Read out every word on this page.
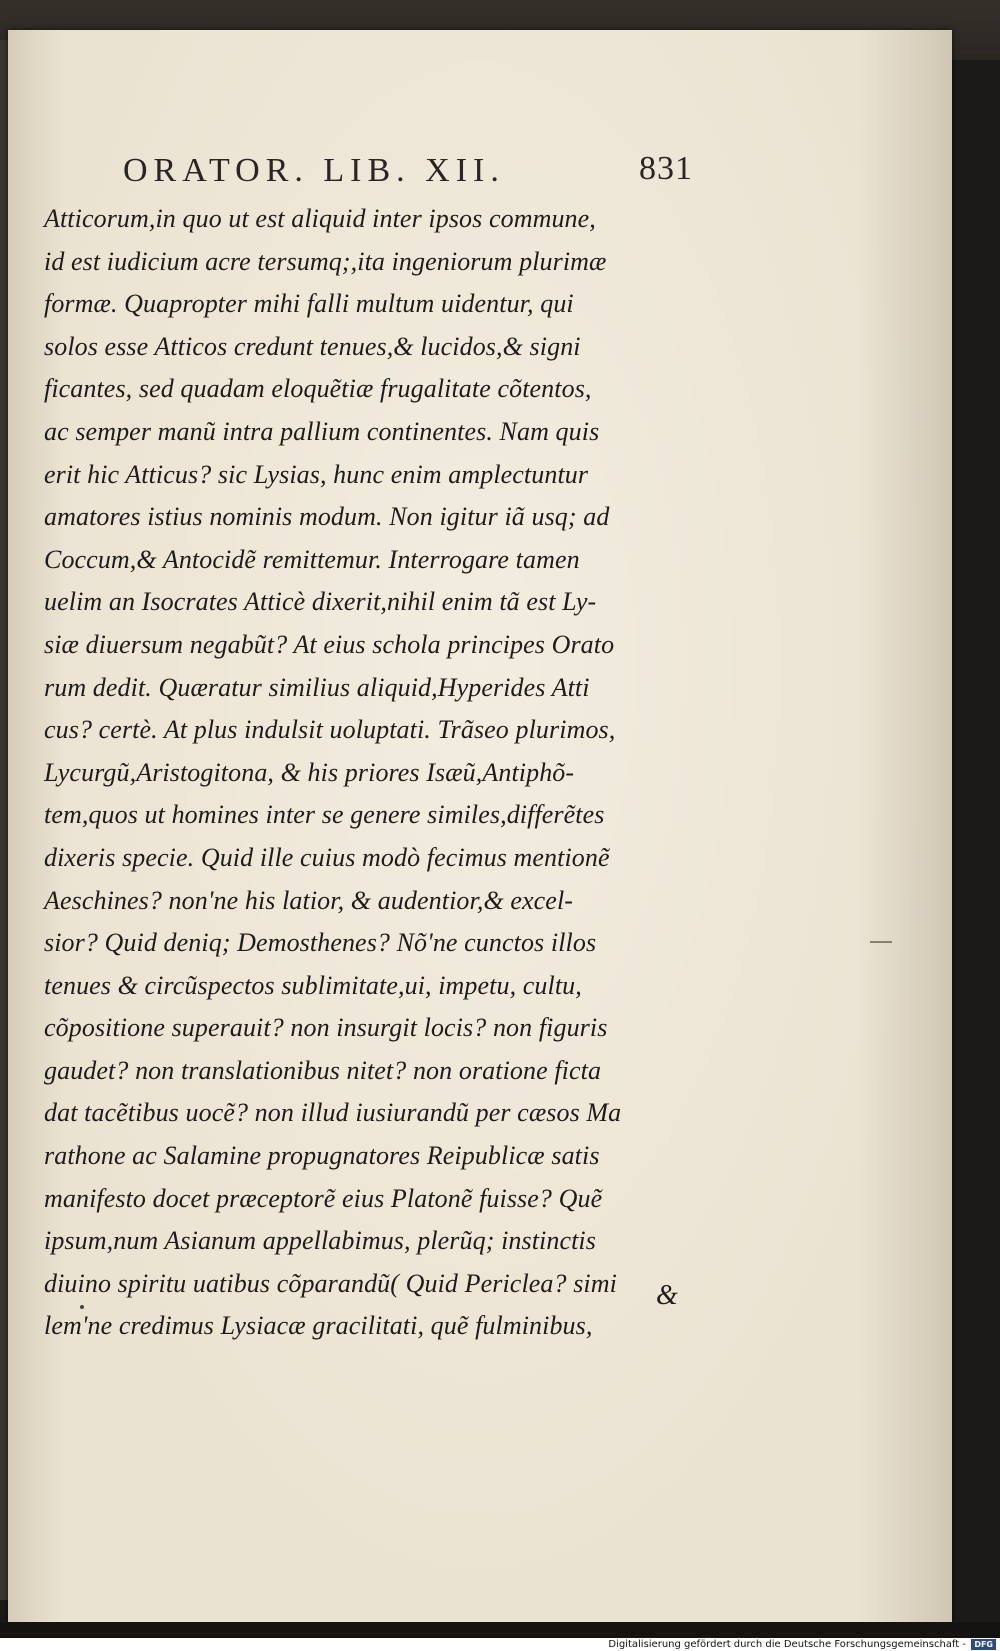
ORATOR. LIB. XII.	831
Atticorum,in quo ut est aliquid inter ipsos commune,
id est iudicium acre tersumq;,ita ingeniorum plurimæ
formæ. Quapropter mihi falli multum uidentur, qui
solos esse Atticos credunt tenues,& lucidos,& signi
ficantes, sed quadam eloquẽtiæ frugalitate cõtentos,
ac semper manũ intra pallium continentes. Nam quis
erit hic Atticus? sic Lysias, hunc enim amplectuntur
amatores istius nominis modum. Non igitur iã usq; ad
Coccum,& Antocidẽ remittemur. Interrogare tamen
uelim an Isocrates Atticè dixerit,nihil enim tã est Ly-
siæ diuersum negabũt? At eius schola principes Orato
rum dedit. Quæratur similius aliquid,Hyperides Atti
cus? certè. At plus indulsit uoluptati. Trãseo plurimos,
Lycurgũ,Aristogitona, & his priores Isæũ,Antiphõ-
tem,quos ut homines inter se genere similes,differẽtes
dixeris specie. Quid ille cuius modò fecimus mentionẽ
Aeschines? non'ne his latior, & audentior,& excel-
sior? Quid deniq; Demosthenes? Nõ'ne cunctos illos
tenues & circũspectos sublimitate,ui, impetu, cultu,
cõpositione superauit? non insurgit locis? non figuris
gaudet? non translationibus nitet? non oratione ficta
dat tacẽtibus uocẽ? non illud iusiurandũ per cæsos Ma
rathone ac Salamine propugnatores Reipublicæ satis
manifesto docet præceptorẽ eius Platonẽ fuisse? Quẽ
ipsum,num Asianum appellabimus, plerũq; instinctis
diuino spiritu uatibus cõparandũ( Quid Periclea? simi
lem'ne credimus Lysiacæ gracilitati, quẽ fulminibus,
&
Digitalisierung gefördert durch die Deutsche Forschungsgemeinschaft -	DFG
